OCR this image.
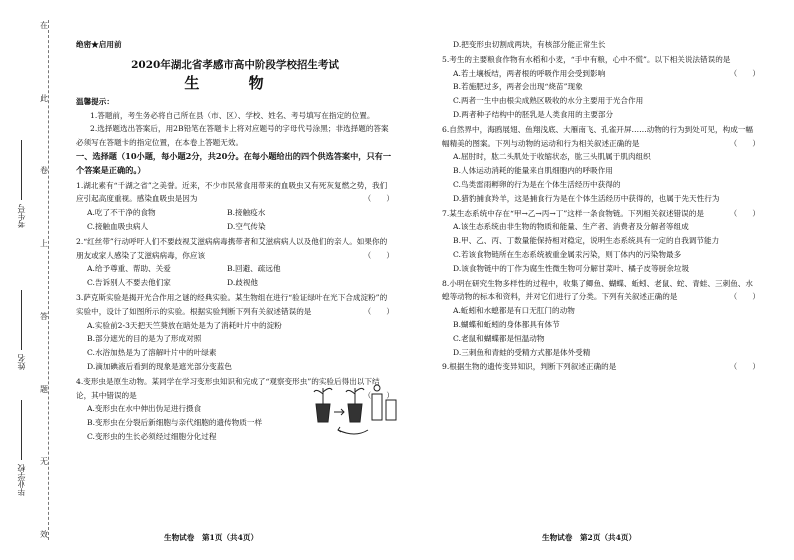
在
此
卷
上
答
题
无
效
考生号
姓名
毕业学校
绝密★启用前
2020年湖北省孝感市高中阶段学校招生考试
生 物
温馨提示：
1.答题前，考生务必将自己所在县（市、区）、学校、姓名、考号填写在指定的位置。
2.选择题选出答案后，用2B铅笔在答题卡上将对应题号的字母代号涂黑；非选择题的答案必须写在答题卡的指定位置，在本卷上答题无效。
一、选择题（10小题，每小题2分，共20分。在每小题给出的四个供选答案中，只有一个答案是正确的。）
1.湖北素有“千湖之省”之美誉。近来，不少市民常食用带来的血吸虫又有死灰复燃之势，我们应引起高度重视。感染血吸虫是因为	（　　）
A.吃了不干净的食物	B.接触疫水
C.接触血吸虫病人	D.空气传染
2.“红丝带”行动呼吁人们不要歧视艾滋病病毒携带者和艾滋病病人以及他们的亲人。如果你的朋友或家人感染了艾滋病病毒，你应该	（　　）
A.给予尊重、帮助、关爱	B.回避、疏远他
C.告诉别人不要去他们家	D.歧视他
3.萨克斯实验是揭开光合作用之谜的经典实验。某生物组在进行“验证绿叶在光下合成淀粉”的实验中，设计了如图所示的实验。根据实验判断下列有关叙述错误的是	（　　）
A.实验前2-3天把天竺葵放在暗处是为了消耗叶片中的淀粉
B.部分遮光的目的是为了形成对照
C.水浴加热是为了溶解叶片中的叶绿素
D.滴加碘液后看到的现象是遮光部分变蓝色
4.变形虫是原生动物。某同学在学习变形虫知识和完成了“观察变形虫”的实验后得出以下结论，其中错误的是	（　　）
A.变形虫在水中伸出伪足进行摄食
B.变形虫在分裂后新细胞与亲代细胞的遗传物质一样
C.变形虫的生长必须经过细胞分化过程
生物试卷　第1页（共4页）
D.把变形虫切割成两块，有核部分能正常生长
5.考生的主要粮食作物有水稻和小麦，“手中有粮，心中不慌”。以下相关说法错误的是
（　　）
A.若土壤板结，两者根的呼吸作用会受到影响
B.若施肥过多，两者会出现“烧苗”现象
C.两者一生中由根尖成熟区吸收的水分主要用于光合作用
D.两者种子结构中的胚乳是人类食用的主要部分
6.自然界中，海鸥展翅、鱼翔浅底、大雁南飞、孔雀开屏……动物的行为到处可见，构成一幅幅精美的图案。下列与动物的运动和行为相关叙述正确的是	（　　）
A.屈肘时，肱二头肌处于收缩状态，肱三头肌属于肌肉组织
B.人体运动消耗的能量来自肌细胞内的呼吸作用
C.鸟类雷雨孵卵的行为是在个体生活经历中获得的
D.猎豹捕食羚羊，这是捕食行为是在个体生活经历中获得的，也属于先天性行为
7.某生态系统中存在“甲→乙→丙→丁”这样一条食物链。下列相关叙述错误的是	（　　）
A.该生态系统由非生物的物质和能量、生产者、消费者及分解者等组成
B.甲、乙、丙、丁数量能保持相对稳定，说明生态系统具有一定的自我调节能力
C.若该食物链所在生态系统被重金属汞污染，则丁体内的污染物最多
D.该食物链中的丁作为腐生性微生物可分解甘菜叶、橘子皮等厨余垃圾
8.小明在研究生物多样性的过程中，收集了鲫鱼、蝴蝶、蚯蚓、老鼠、蛇、青蛙、三刺鱼、水螅等动物的标本和资料，并对它们进行了分类。下列有关叙述正确的是	（　　）
A.蚯蚓和水螅都是有口无肛门的动物
B.蝴蝶和蚯蚓的身体都具有体节
C.老鼠和蝴蝶都是恒温动物
D.三刺鱼和青蛙的受精方式都是体外受精
9.根据生物的遗传变异知识，判断下列叙述正确的是	（　　）
生物试卷　第2页（共4页）
